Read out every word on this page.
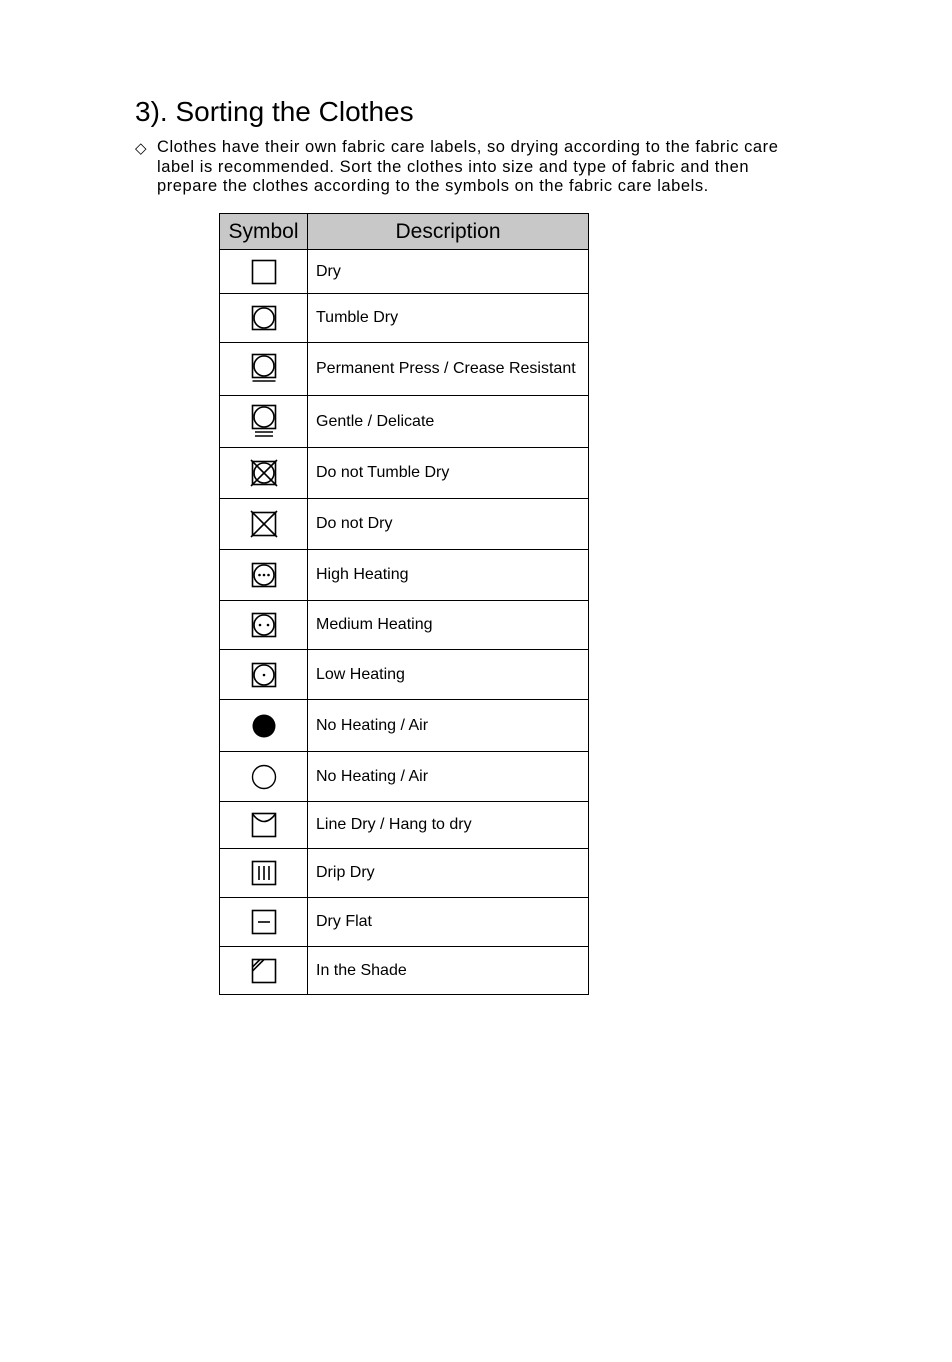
3). Sorting the Clothes
◇ Clothes have their own fabric care labels, so drying according to the fabric care
label is recommended. Sort the clothes into size and type of fabric and then
prepare the clothes according to the symbols on the fabric care labels.
Symbol	Description

	Dry

	Tumble Dry

	Permanent Press / Crease Resistant

	Gentle / Delicate

	Do not Tumble Dry

	Do not Dry

	High Heating

	Medium Heating

	Low Heating

	No Heating / Air

	No Heating / Air

	Line Dry / Hang to dry

	Drip Dry

	Dry Flat

	In the Shade
